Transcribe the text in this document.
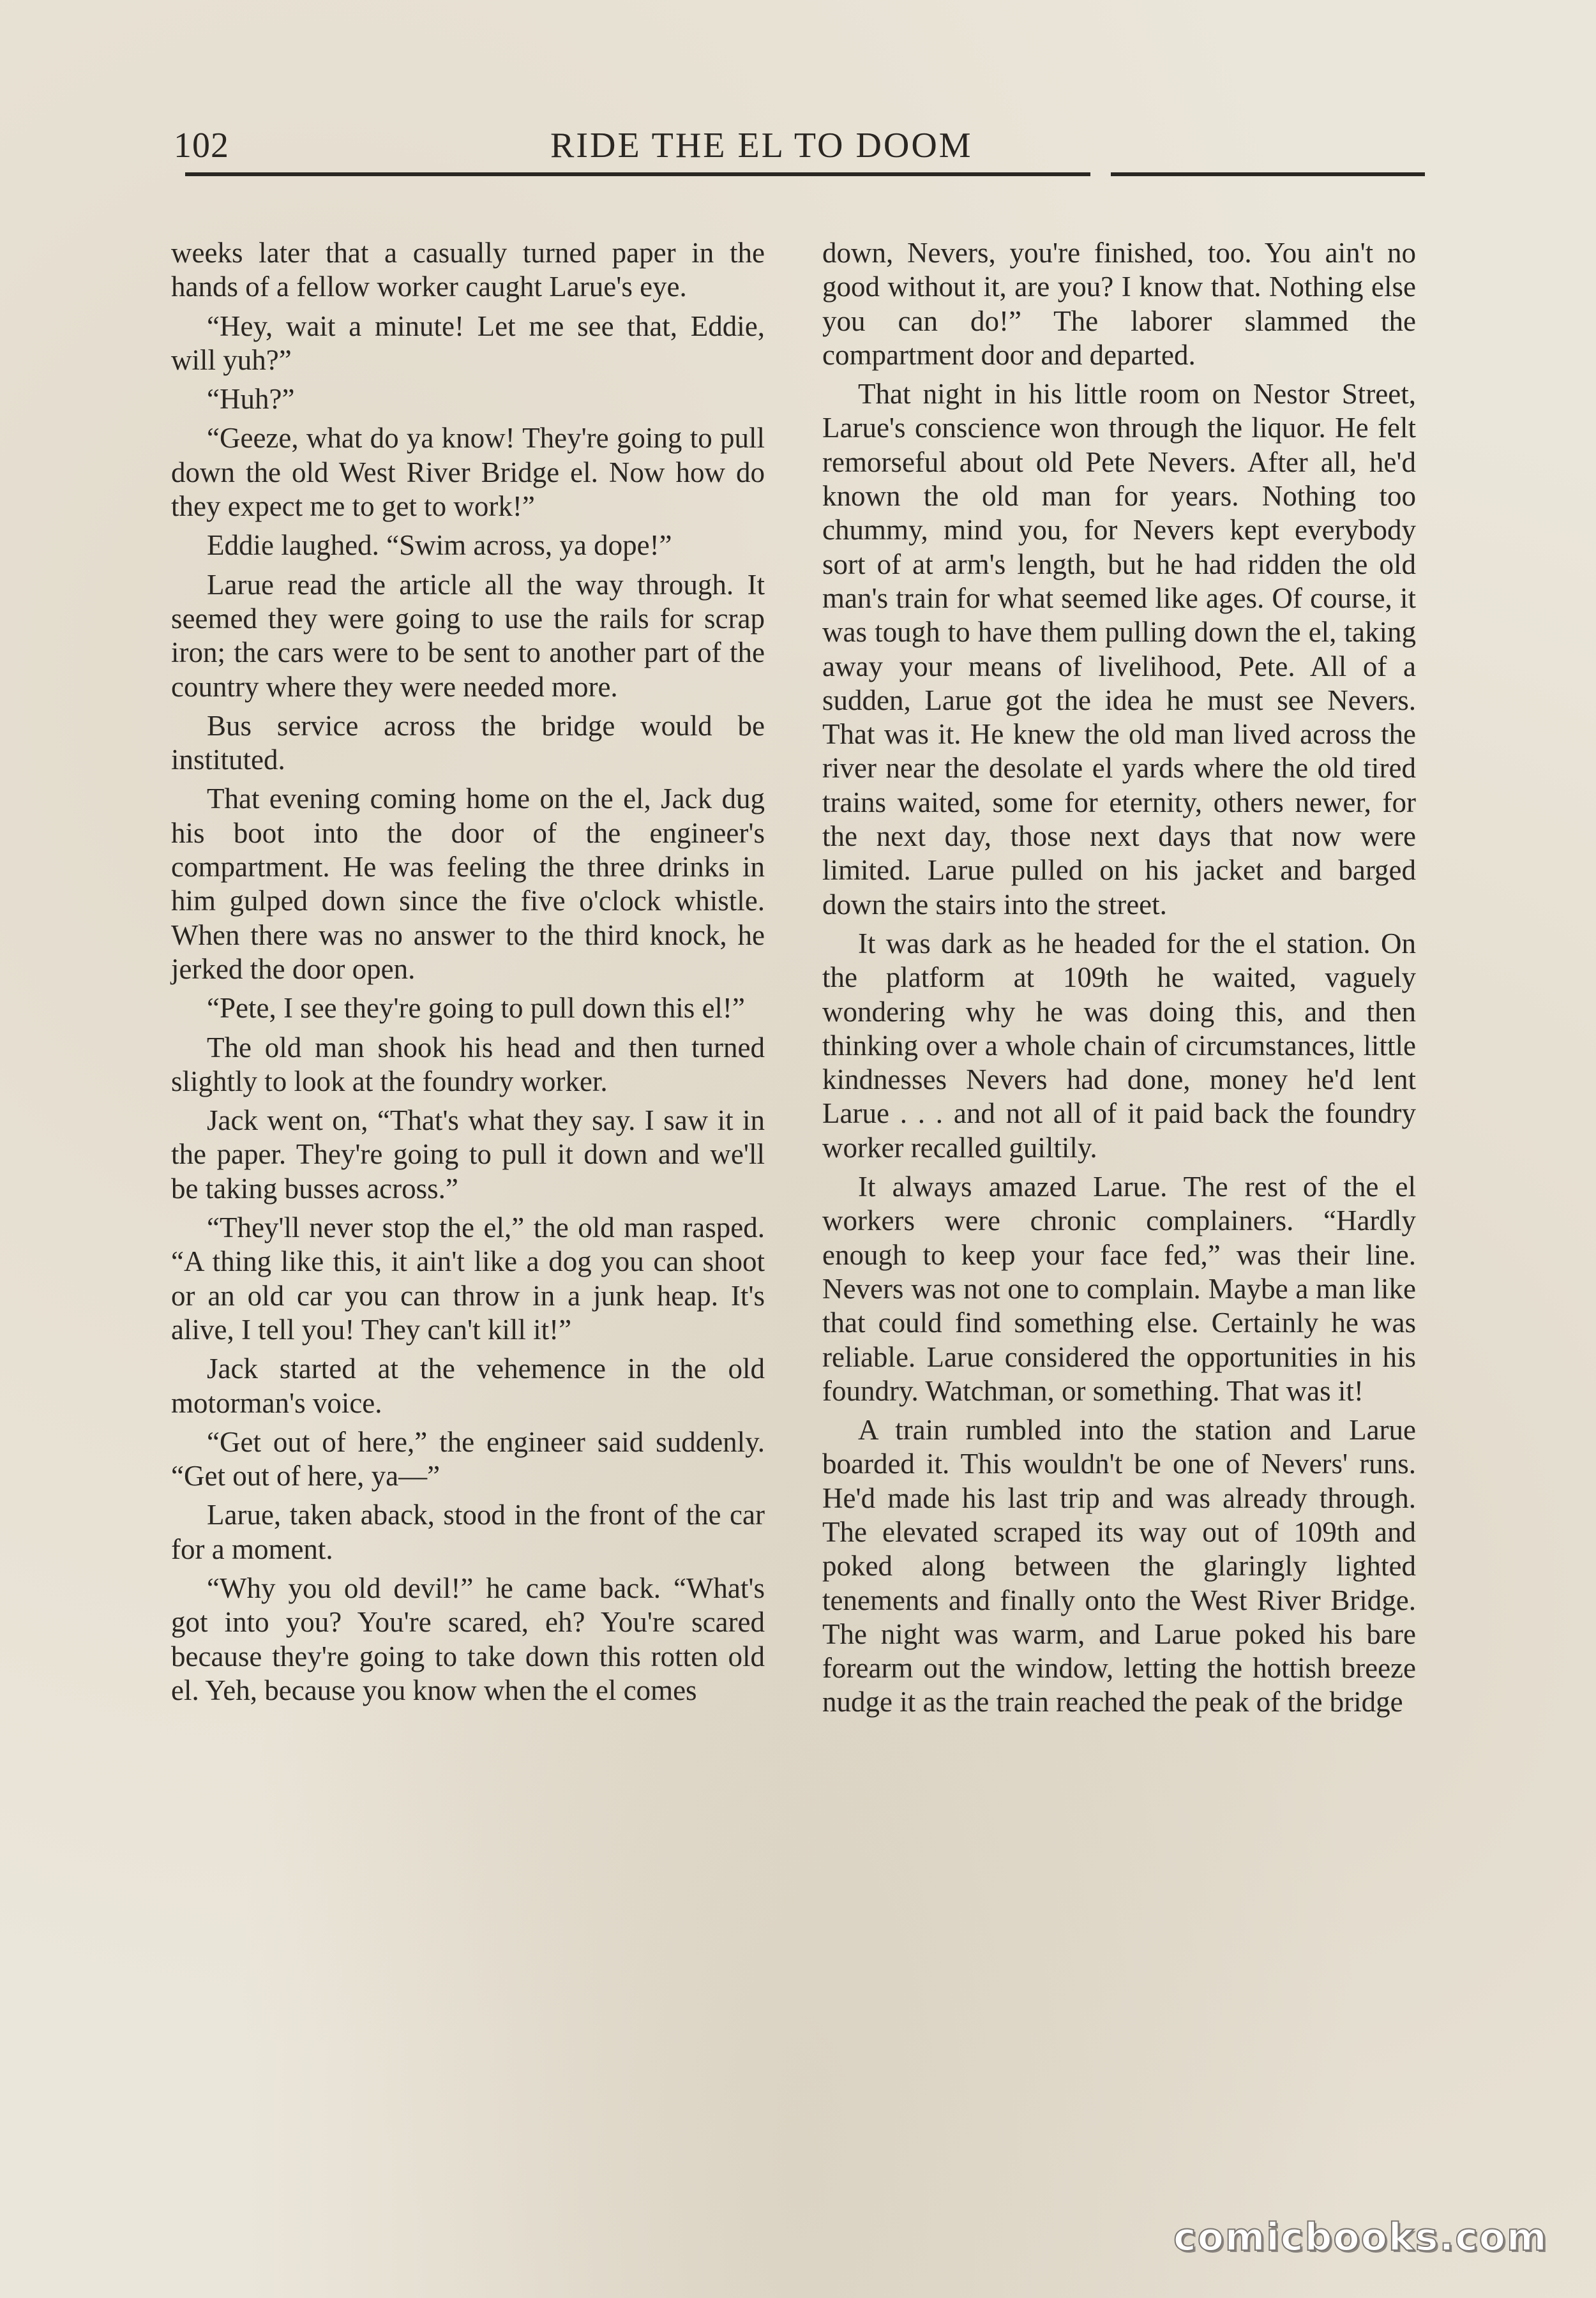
102	RIDE THE EL TO DOOM

weeks later that a casually turned paper in the hands of a fellow worker caught Larue's eye.

“Hey, wait a minute! Let me see that, Eddie, will yuh?”

“Huh?”

“Geeze, what do ya know! They're going to pull down the old West River Bridge el. Now how do they expect me to get to work!”

Eddie laughed. “Swim across, ya dope!”

Larue read the article all the way through. It seemed they were going to use the rails for scrap iron; the cars were to be sent to another part of the country where they were needed more.

Bus service across the bridge would be instituted.

That evening coming home on the el, Jack dug his boot into the door of the engineer's compartment. He was feeling the three drinks in him gulped down since the five o'clock whistle. When there was no answer to the third knock, he jerked the door open.

“Pete, I see they're going to pull down this el!”

The old man shook his head and then turned slightly to look at the foundry worker.

Jack went on, “That's what they say. I saw it in the paper. They're going to pull it down and we'll be taking busses across.”

“They'll never stop the el,” the old man rasped. “A thing like this, it ain't like a dog you can shoot or an old car you can throw in a junk heap. It's alive, I tell you! They can't kill it!”

Jack started at the vehemence in the old motorman's voice.

“Get out of here,” the engineer said suddenly. “Get out of here, ya—”

Larue, taken aback, stood in the front of the car for a moment.

“Why you old devil!” he came back. “What's got into you? You're scared, eh? You're scared because they're going to take down this rotten old el. Yeh, because you know when the el comes

down, Nevers, you're finished, too. You ain't no good without it, are you? I know that. Nothing else you can do!” The laborer slammed the compartment door and departed.

That night in his little room on Nestor Street, Larue's conscience won through the liquor. He felt remorseful about old Pete Nevers. After all, he'd known the old man for years. Nothing too chummy, mind you, for Nevers kept everybody sort of at arm's length, but he had ridden the old man's train for what seemed like ages. Of course, it was tough to have them pulling down the el, taking away your means of livelihood, Pete. All of a sudden, Larue got the idea he must see Nevers. That was it. He knew the old man lived across the river near the desolate el yards where the old tired trains waited, some for eternity, others newer, for the next day, those next days that now were limited. Larue pulled on his jacket and barged down the stairs into the street.

It was dark as he headed for the el station. On the platform at 109th he waited, vaguely wondering why he was doing this, and then thinking over a whole chain of circumstances, little kindnesses Nevers had done, money he'd lent Larue . . . and not all of it paid back the foundry worker recalled guiltily.

It always amazed Larue. The rest of the el workers were chronic complainers. “Hardly enough to keep your face fed,” was their line. Nevers was not one to complain. Maybe a man like that could find something else. Certainly he was reliable. Larue considered the opportunities in his foundry. Watchman, or something. That was it!

A train rumbled into the station and Larue boarded it. This wouldn't be one of Nevers' runs. He'd made his last trip and was already through. The elevated scraped its way out of 109th and poked along between the glaringly lighted tenements and finally onto the West River Bridge. The night was warm, and Larue poked his bare forearm out the window, letting the hottish breeze nudge it as the train reached the peak of the bridge

comicbooks.com
